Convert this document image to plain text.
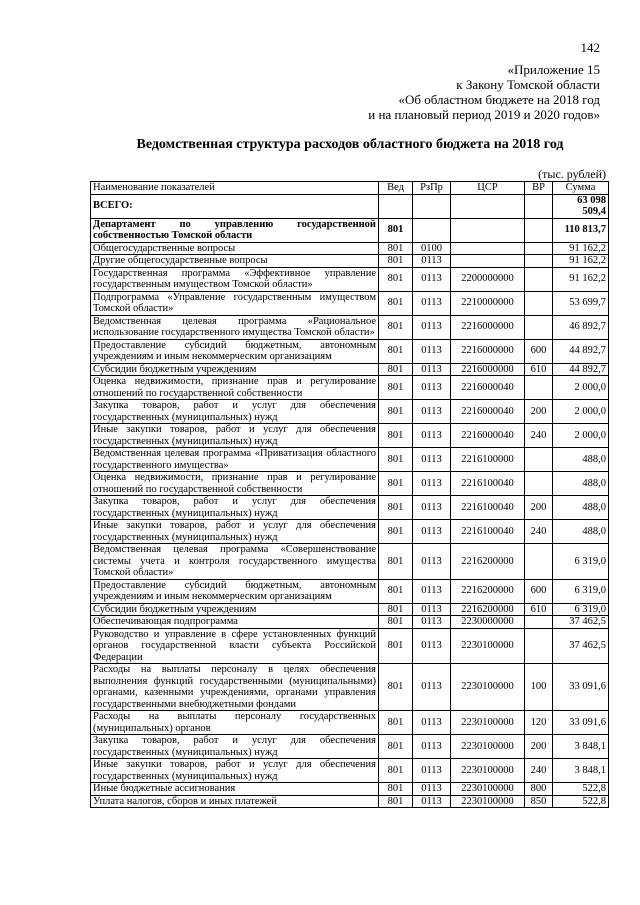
142
«Приложение 15
к Закону Томской области
«Об областном бюджете на 2018 год
и на плановый период 2019 и 2020 годов»
Ведомственная структура расходов областного бюджета на 2018 год
(тыс. рублей)
Наименование показателей	Вед	РзПр	ЦСР	ВР	Сумма
ВСЕГО:					63 098 509,4
Департамент по управлению государственной собственностью Томской области	801				110 813,7
Общегосударственные вопросы	801	0100			91 162,2
Другие общегосударственные вопросы	801	0113			91 162,2
Государственная программа «Эффективное управление государственным имуществом Томской области»	801	0113	2200000000		91 162,2
Подпрограмма «Управление государственным имуществом Томской области»	801	0113	2210000000		53 699,7
Ведомственная целевая программа «Рациональное использование государственного имущества Томской области»	801	0113	2216000000		46 892,7
Предоставление субсидий бюджетным, автономным учреждениям и иным некоммерческим организациям	801	0113	2216000000	600	44 892,7
Субсидии бюджетным учреждениям	801	0113	2216000000	610	44 892,7
Оценка недвижимости, признание прав и регулирование отношений по государственной собственности	801	0113	2216000040		2 000,0
Закупка товаров, работ и услуг для обеспечения государственных (муниципальных) нужд	801	0113	2216000040	200	2 000,0
Иные закупки товаров, работ и услуг для обеспечения государственных (муниципальных) нужд	801	0113	2216000040	240	2 000,0
Ведомственная целевая программа «Приватизация областного государственного имущества»	801	0113	2216100000		488,0
Оценка недвижимости, признание прав и регулирование отношений по государственной собственности	801	0113	2216100040		488,0
Закупка товаров, работ и услуг для обеспечения государственных (муниципальных) нужд	801	0113	2216100040	200	488,0
Иные закупки товаров, работ и услуг для обеспечения государственных (муниципальных) нужд	801	0113	2216100040	240	488,0
Ведомственная целевая программа «Совершенствование системы учета и контроля государственного имущества Томской области»	801	0113	2216200000		6 319,0
Предоставление субсидий бюджетным, автономным учреждениям и иным некоммерческим организациям	801	0113	2216200000	600	6 319,0
Субсидии бюджетным учреждениям	801	0113	2216200000	610	6 319,0
Обеспечивающая подпрограмма	801	0113	2230000000		37 462,5
Руководство и управление в сфере установленных функций органов государственной власти субъекта Российской Федерации	801	0113	2230100000		37 462,5
Расходы на выплаты персоналу в целях обеспечения выполнения функций государственными (муниципальными) органами, казенными учреждениями, органами управления государственными внебюджетными фондами	801	0113	2230100000	100	33 091,6
Расходы на выплаты персоналу государственных (муниципальных) органов	801	0113	2230100000	120	33 091,6
Закупка товаров, работ и услуг для обеспечения государственных (муниципальных) нужд	801	0113	2230100000	200	3 848,1
Иные закупки товаров, работ и услуг для обеспечения государственных (муниципальных) нужд	801	0113	2230100000	240	3 848,1
Иные бюджетные ассигнования	801	0113	2230100000	800	522,8
Уплата налогов, сборов и иных платежей	801	0113	2230100000	850	522,8
